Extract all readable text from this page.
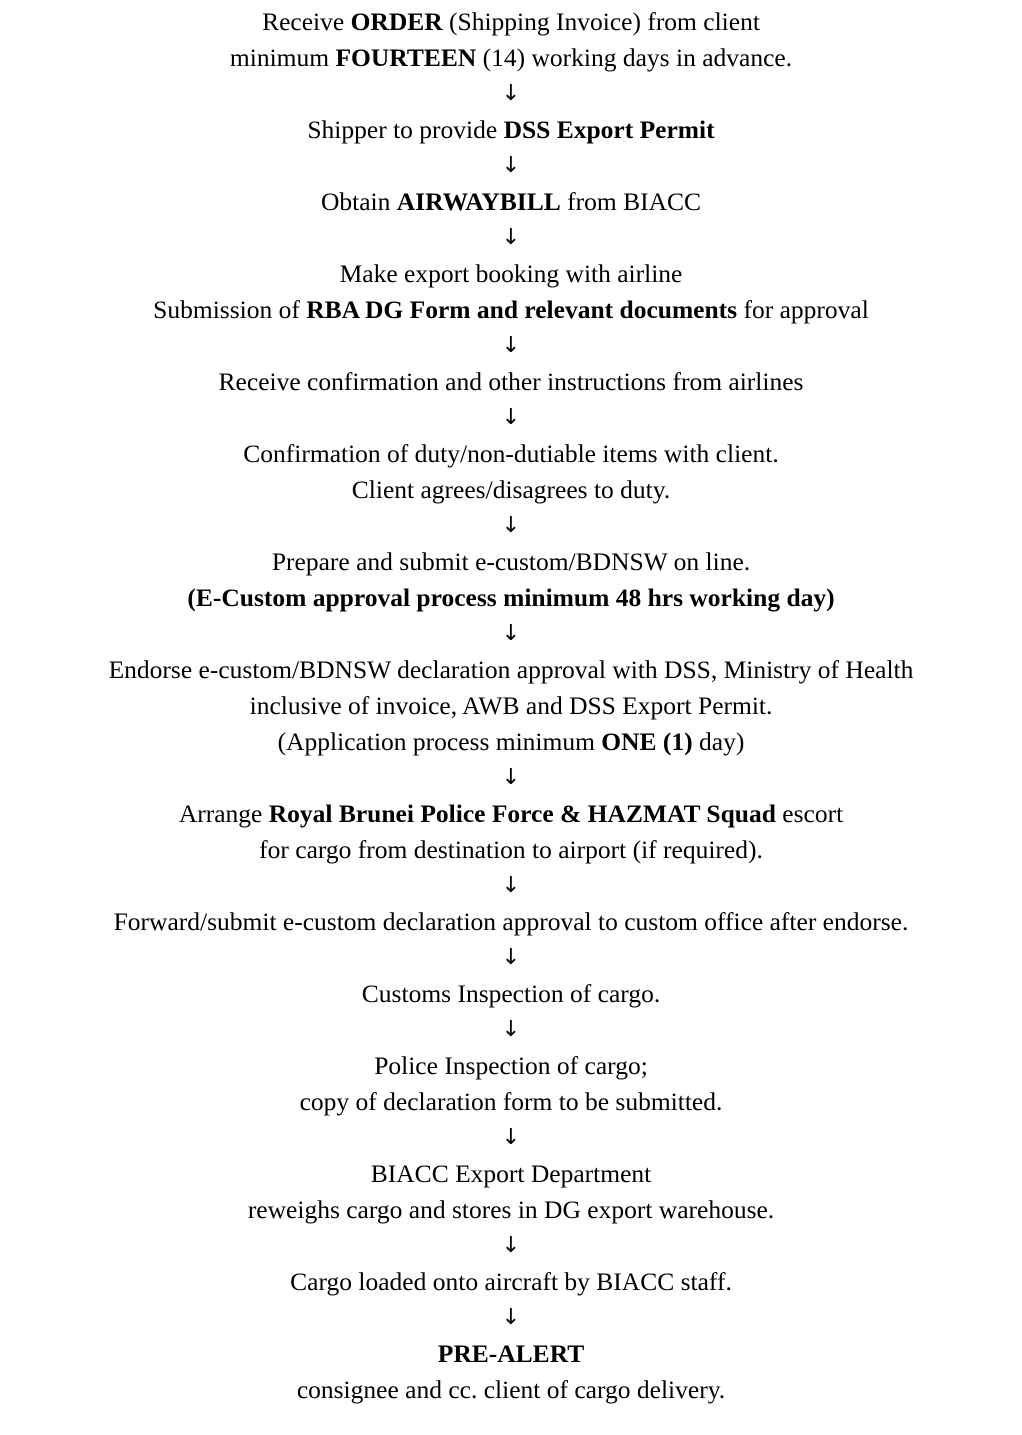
Receive ORDER (Shipping Invoice) from client
minimum FOURTEEN (14) working days in advance.
↓
Shipper to provide DSS Export Permit
↓
Obtain AIRWAYBILL from BIACC
↓
Make export booking with airline
Submission of RBA DG Form and relevant documents for approval
↓
Receive confirmation and other instructions from airlines
↓
Confirmation of duty/non-dutiable items with client.
Client agrees/disagrees to duty.
↓
Prepare and submit e-custom/BDNSW on line.
(E-Custom approval process minimum 48 hrs working day)
↓
Endorse e-custom/BDNSW declaration approval with DSS, Ministry of Health
inclusive of invoice, AWB and DSS Export Permit.
(Application process minimum ONE (1) day)
↓
Arrange Royal Brunei Police Force & HAZMAT Squad escort
for cargo from destination to airport (if required).
↓
Forward/submit e-custom declaration approval to custom office after endorse.
↓
Customs Inspection of cargo.
↓
Police Inspection of cargo;
copy of declaration form to be submitted.
↓
BIACC Export Department
reweighs cargo and stores in DG export warehouse.
↓
Cargo loaded onto aircraft by BIACC staff.
↓
PRE-ALERT
consignee and cc. client of cargo delivery.
